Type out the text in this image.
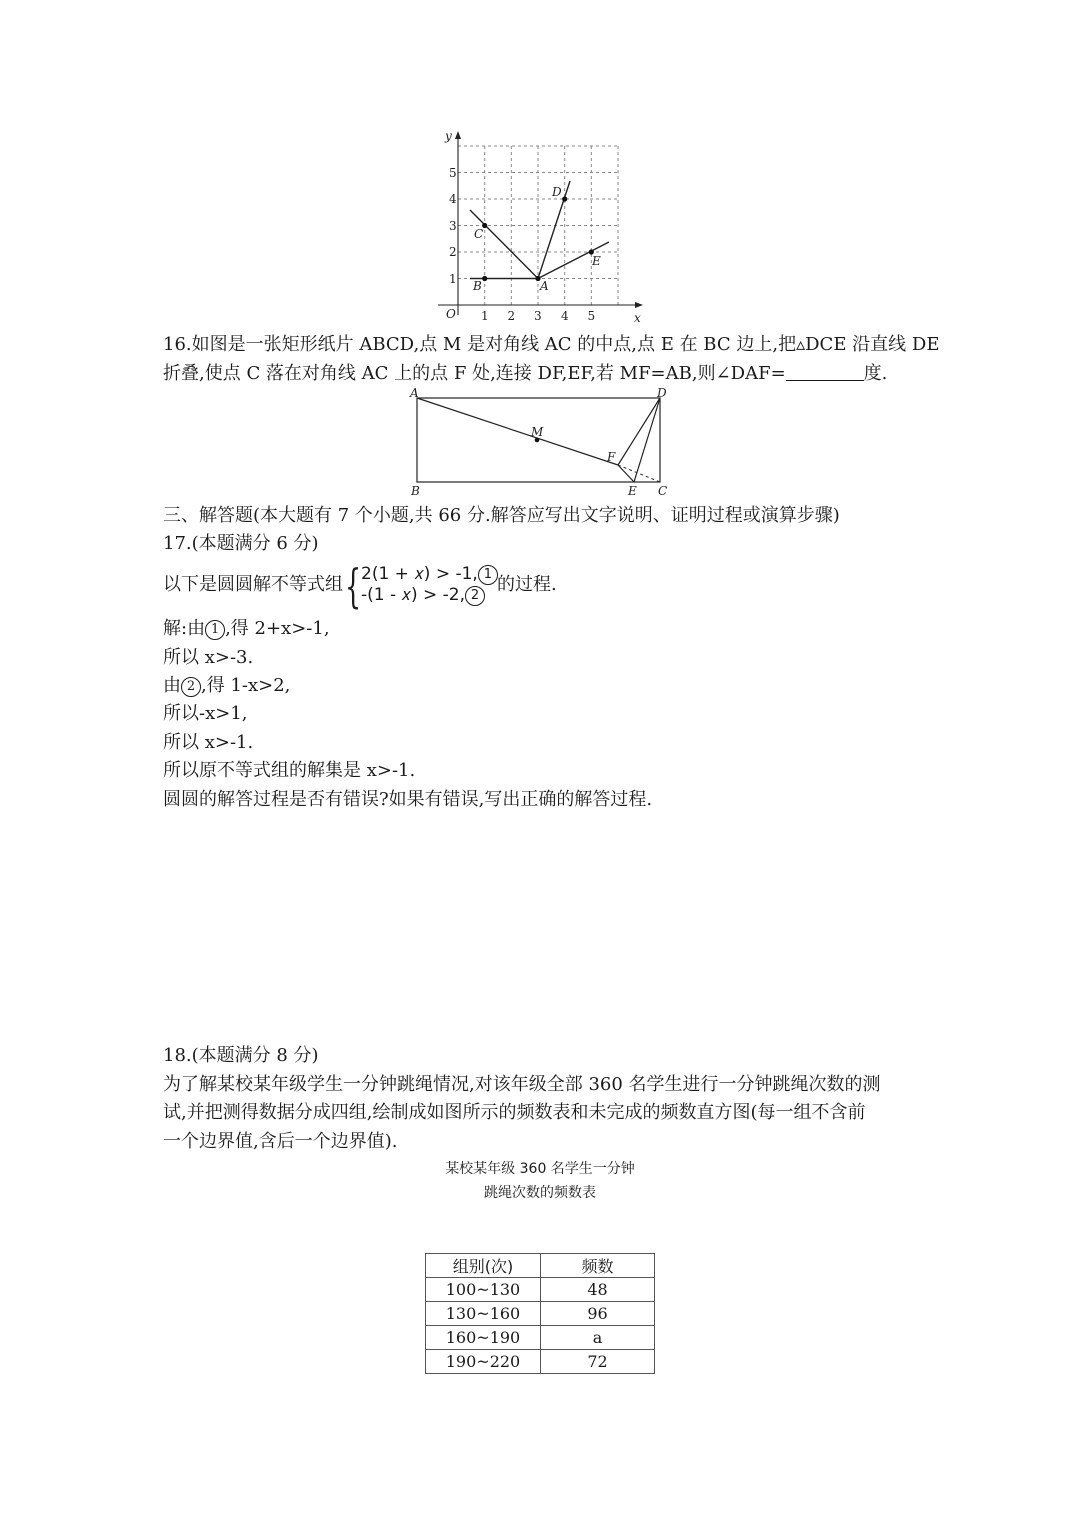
y
x
O 1 2 3 4 5
1
2
3
4
5
A
B
C
D
E
16.如图是一张矩形纸片 ABCD,点 M 是对角线 AC 的中点,点 E 在 BC 边上,把▵DCE 沿直线 DE
折叠,使点 C 落在对角线 AC 上的点 F 处,连接 DF,EF,若 MF=AB,则∠DAF=	度.
A	D
B	C
E
F
M
三、解答题(本大题有 7 个小题,共 66 分.解答应写出文字说明、证明过程或演算步骤)
17.(本题满分 6 分)
以下是圆圆解不等式组 { 2(1 + 𝑥) > -1, 1
-(1 - 𝑥) > -2, 2
的过程.
解:由 1 ,得 2+x>-1,
所以 x>-3.
由 2 ,得 1-x>2,
所以-x>1,
所以 x>-1.
所以原不等式组的解集是 x>-1.
圆圆的解答过程是否有错误?如果有错误,写出正确的解答过程.
18.(本题满分 8 分)
为了解某校某年级学生一分钟跳绳情况,对该年级全部 360 名学生进行一分钟跳绳次数的测
试,并把测得数据分成四组,绘制成如图所示的频数表和未完成的频数直方图(每一组不含前
一个边界值,含后一个边界值).
某校某年级 360 名学生一分钟
跳绳次数的频数表
组别(次)	频数
100~130	48
130~160	96
160~190	a
190~220	72
